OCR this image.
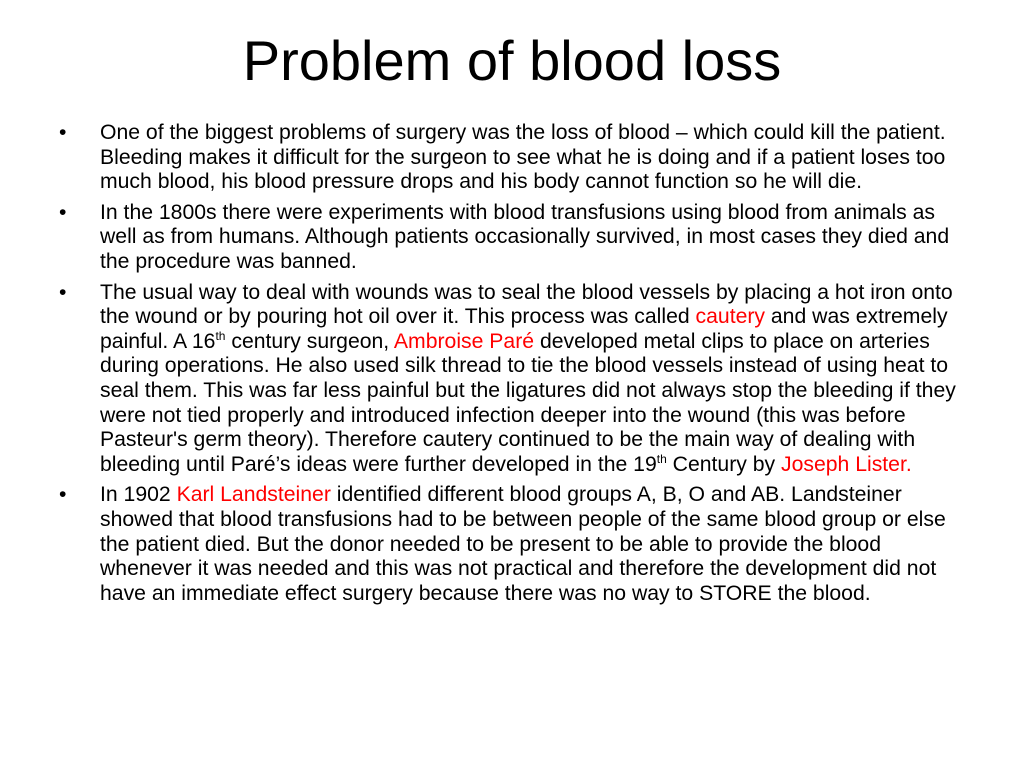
Problem of blood loss
• One of the biggest problems of surgery was the loss of blood – which could kill the patient. Bleeding makes it difficult for the surgeon to see what he is doing and if a patient loses too much blood, his blood pressure drops and his body cannot function so he will die.
• In the 1800s there were experiments with blood transfusions using blood from animals as well as from humans. Although patients occasionally survived, in most cases they died and the procedure was banned.
• The usual way to deal with wounds was to seal the blood vessels by placing a hot iron onto the wound or by pouring hot oil over it. This process was called cautery and was extremely painful. A 16th century surgeon, Ambroise Paré developed metal clips to place on arteries during operations. He also used silk thread to tie the blood vessels instead of using heat to seal them. This was far less painful but the ligatures did not always stop the bleeding if they were not tied properly and introduced infection deeper into the wound (this was before Pasteur's germ theory). Therefore cautery continued to be the main way of dealing with bleeding until Paré’s ideas were further developed in the 19th Century by Joseph Lister.
• In 1902 Karl Landsteiner identified different blood groups A, B, O and AB. Landsteiner showed that blood transfusions had to be between people of the same blood group or else the patient died. But the donor needed to be present to be able to provide the blood whenever it was needed and this was not practical and therefore the development did not have an immediate effect surgery because there was no way to STORE the blood.
